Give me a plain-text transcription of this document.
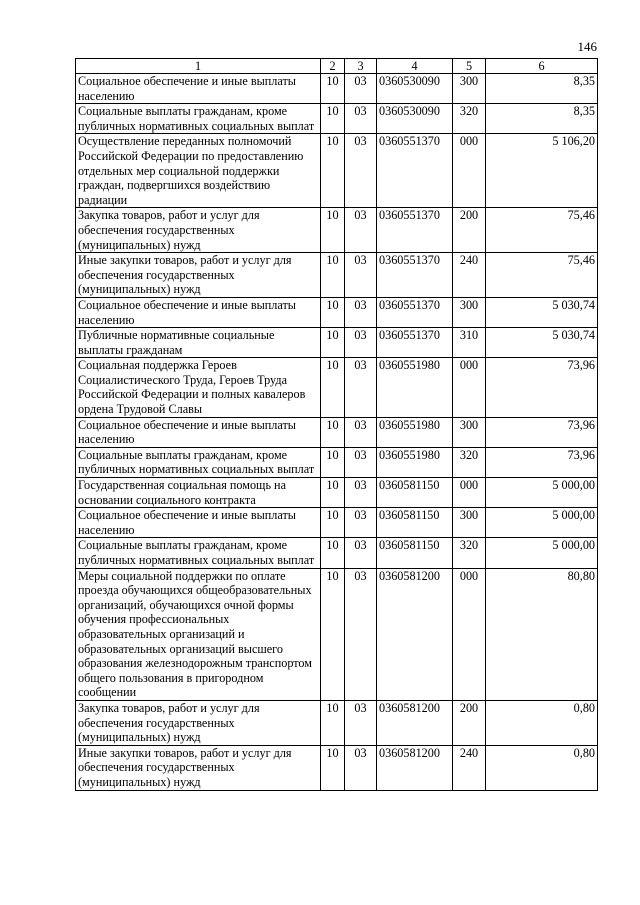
146
1	2	3	4	5	6
Социальное обеспечение и иные выплаты населению	10	03	0360530090	300	8,35
Социальные выплаты гражданам, кроме публичных нормативных социальных выплат	10	03	0360530090	320	8,35
Осуществление переданных полномочий Российской Федерации по предоставлению отдельных мер социальной поддержки граждан, подвергшихся воздействию радиации	10	03	0360551370	000	5 106,20
Закупка товаров, работ и услуг для обеспечения государственных (муниципальных) нужд	10	03	0360551370	200	75,46
Иные закупки товаров, работ и услуг для обеспечения государственных (муниципальных) нужд	10	03	0360551370	240	75,46
Социальное обеспечение и иные выплаты населению	10	03	0360551370	300	5 030,74
Публичные нормативные социальные выплаты гражданам	10	03	0360551370	310	5 030,74
Социальная поддержка Героев Социалистического Труда, Героев Труда Российской Федерации и полных кавалеров ордена Трудовой Славы	10	03	0360551980	000	73,96
Социальное обеспечение и иные выплаты населению	10	03	0360551980	300	73,96
Социальные выплаты гражданам, кроме публичных нормативных социальных выплат	10	03	0360551980	320	73,96
Государственная социальная помощь на основании социального контракта	10	03	0360581150	000	5 000,00
Социальное обеспечение и иные выплаты населению	10	03	0360581150	300	5 000,00
Социальные выплаты гражданам, кроме публичных нормативных социальных выплат	10	03	0360581150	320	5 000,00
Меры социальной поддержки по оплате проезда обучающихся общеобразовательных организаций, обучающихся очной формы обучения профессиональных образовательных организаций и образовательных организаций высшего образования железнодорожным транспортом общего пользования в пригородном сообщении	10	03	0360581200	000	80,80
Закупка товаров, работ и услуг для обеспечения государственных (муниципальных) нужд	10	03	0360581200	200	0,80
Иные закупки товаров, работ и услуг для обеспечения государственных (муниципальных) нужд	10	03	0360581200	240	0,80
